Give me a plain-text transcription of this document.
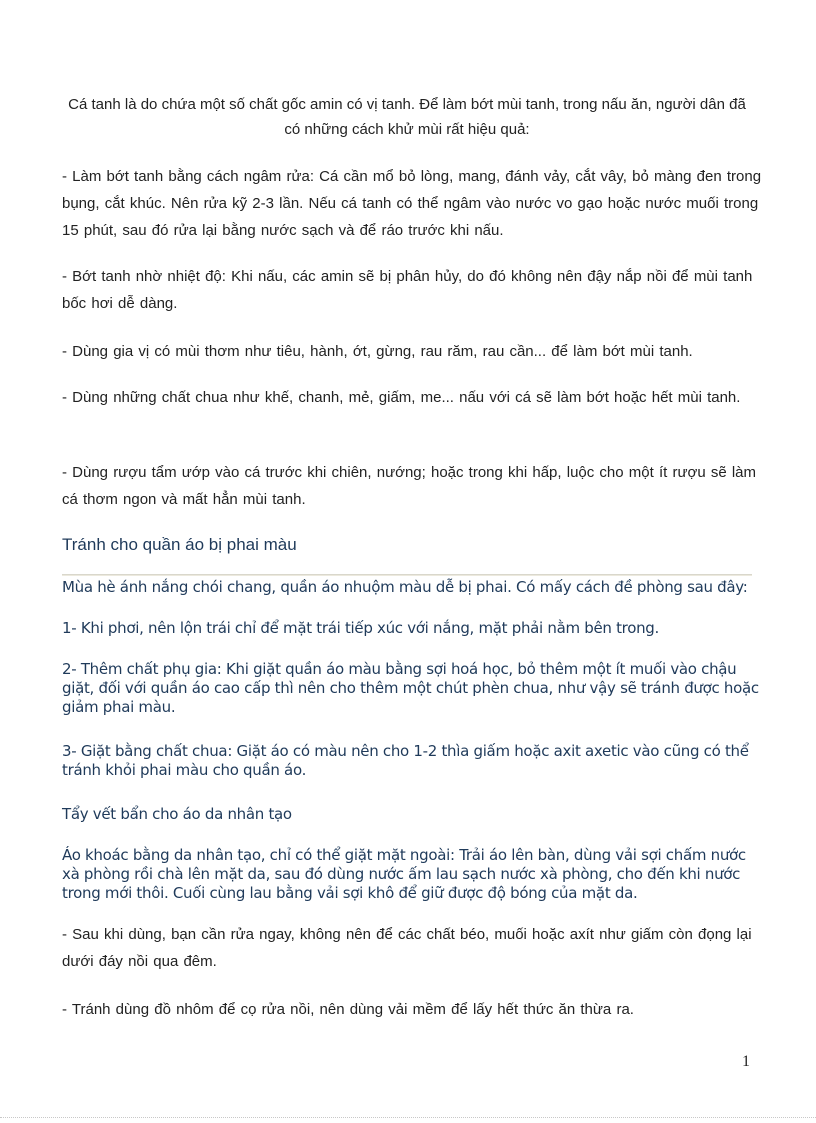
Cá tanh là do chứa một số chất gốc amin có vị tanh. Để làm bớt mùi tanh, trong nấu ăn, người dân đã có những cách khử mùi rất hiệu quả:
- Làm bớt tanh bằng cách ngâm rửa: Cá cần mổ bỏ lòng, mang, đánh vảy, cắt vây, bỏ màng đen trong bụng, cắt khúc. Nên rửa kỹ 2-3 lần. Nếu cá tanh có thể ngâm vào nước vo gạo hoặc nước muối trong 15 phút, sau đó rửa lại bằng nước sạch và để ráo trước khi nấu.
- Bớt tanh nhờ nhiệt độ: Khi nấu, các amin sẽ bị phân hủy, do đó không nên đậy nắp nồi để mùi tanh bốc hơi dễ dàng.
- Dùng gia vị có mùi thơm như tiêu, hành, ớt, gừng, rau răm, rau cần... để làm bớt mùi tanh.
- Dùng những chất chua như khế, chanh, mẻ, giấm, me... nấu với cá sẽ làm bớt hoặc hết mùi tanh.
- Dùng rượu tẩm ướp vào cá trước khi chiên, nướng; hoặc trong khi hấp, luộc cho một ít rượu sẽ làm cá thơm ngon và mất hẳn mùi tanh.
Tránh cho quần áo bị phai màu
Mùa hè ánh nắng chói chang, quần áo nhuộm màu dễ bị phai. Có mấy cách đề phòng sau đây:
1- Khi phơi, nên lộn trái chỉ để mặt trái tiếp xúc với nắng, mặt phải nằm bên trong.
2- Thêm chất phụ gia: Khi giặt quần áo màu bằng sợi hoá học, bỏ thêm một ít muối vào chậu giặt, đối với quần áo cao cấp thì nên cho thêm một chút phèn chua, như vậy sẽ tránh được hoặc giảm phai màu.
3- Giặt bằng chất chua: Giặt áo có màu nên cho 1-2 thìa giấm hoặc axit axetic vào cũng có thể tránh khỏi phai màu cho quần áo.
Tẩy vết bẩn cho áo da nhân tạo
Áo khoác bằng da nhân tạo, chỉ có thể giặt mặt ngoài: Trải áo lên bàn, dùng vải sợi chấm nước xà phòng rồi chà lên mặt da, sau đó dùng nước ấm lau sạch nước xà phòng, cho đến khi nước trong mới thôi. Cuối cùng lau bằng vải sợi khô để giữ được độ bóng của mặt da.
- Sau khi dùng, bạn cần rửa ngay, không nên để các chất béo, muối hoặc axít như giấm còn đọng lại dưới đáy nồi qua đêm.
- Tránh dùng đồ nhôm để cọ rửa nồi, nên dùng vải mềm để lấy hết thức ăn thừa ra.
1
